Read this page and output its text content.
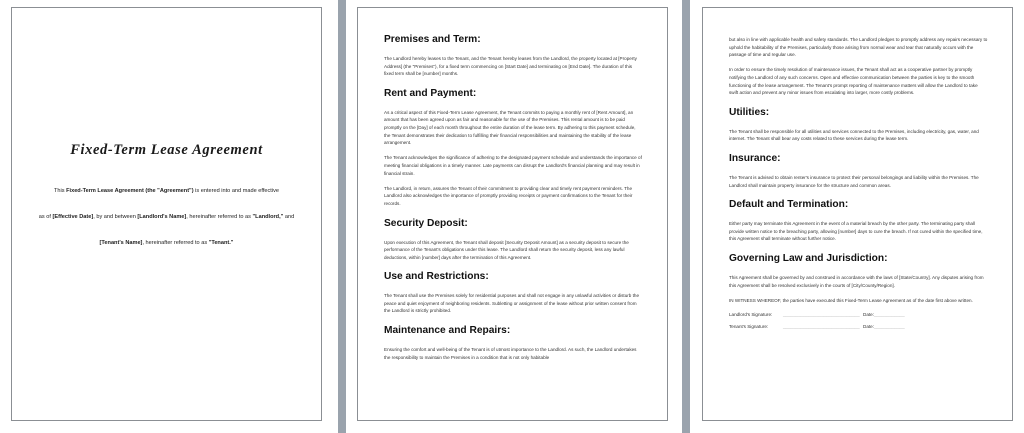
Fixed-Term Lease Agreement
This Fixed-Term Lease Agreement (the "Agreement") is entered into and made effective
as of [Effective Date], by and between [Landlord's Name], hereinafter referred to as "Landlord," and
[Tenant's Name], hereinafter referred to as "Tenant."
Premises and Term:

The Landlord hereby leases to the Tenant, and the Tenant hereby leases from the Landlord, the property located at [Property Address] (the "Premises"), for a fixed term commencing on [Start Date] and terminating on [End Date]. The duration of this fixed term shall be [number] months.

Rent and Payment:

As a critical aspect of this Fixed-Term Lease Agreement, the Tenant commits to paying a monthly rent of [Rent Amount], an amount that has been agreed upon as fair and reasonable for the use of the Premises. This rental amount is to be paid promptly on the [Day] of each month throughout the entire duration of the lease term. By adhering to this payment schedule, the Tenant demonstrates their dedication to fulfilling their financial responsibilities and maintaining the stability of the lease arrangement.

The Tenant acknowledges the significance of adhering to the designated payment schedule and understands the importance of meeting financial obligations in a timely manner. Late payments can disrupt the Landlord's financial planning and may result in financial strain.

The Landlord, in return, assures the Tenant of their commitment to providing clear and timely rent payment reminders. The Landlord also acknowledges the importance of promptly providing receipts or payment confirmations to the Tenant for their records.

Security Deposit:

Upon execution of this Agreement, the Tenant shall deposit [Security Deposit Amount] as a security deposit to secure the performance of the Tenant's obligations under this lease. The Landlord shall return the security deposit, less any lawful deductions, within [number] days after the termination of this Agreement.

Use and Restrictions:

The Tenant shall use the Premises solely for residential purposes and shall not engage in any unlawful activities or disturb the peace and quiet enjoyment of neighboring residents. Subletting or assignment of the lease without prior written consent from the Landlord is strictly prohibited.

Maintenance and Repairs:

Ensuring the comfort and well-being of the Tenant is of utmost importance to the Landlord. As such, the Landlord undertakes the responsibility to maintain the Premises in a condition that is not only habitable

but also in line with applicable health and safety standards. The Landlord pledges to promptly address any repairs necessary to uphold the habitability of the Premises, particularly those arising from normal wear and tear that naturally occurs with the passage of time and regular use.

In order to ensure the timely resolution of maintenance issues, the Tenant shall act as a cooperative partner by promptly notifying the Landlord of any such concerns. Open and effective communication between the parties is key to the smooth functioning of the lease arrangement. The Tenant's prompt reporting of maintenance matters will allow the Landlord to take swift action and prevent any minor issues from escalating into larger, more costly problems.

Utilities:

The Tenant shall be responsible for all utilities and services connected to the Premises, including electricity, gas, water, and internet. The Tenant shall bear any costs related to these services during the lease term.

Insurance:

The Tenant is advised to obtain renter's insurance to protect their personal belongings and liability within the Premises. The Landlord shall maintain property insurance for the structure and common areas.

Default and Termination:

Either party may terminate this Agreement in the event of a material breach by the other party. The terminating party shall provide written notice to the breaching party, allowing [number] days to cure the breach. If not cured within the specified time, this Agreement shall terminate without further notice.

Governing Law and Jurisdiction:

This Agreement shall be governed by and construed in accordance with the laws of [State/Country]. Any disputes arising from this Agreement shall be resolved exclusively in the courts of [City/County/Region].

IN WITNESS WHEREOF, the parties have executed this Fixed-Term Lease Agreement as of the date first above written.

Landlord's Signature:	______________________________ Date: ____________
Tenant's Signature:	______________________________ Date: ____________
